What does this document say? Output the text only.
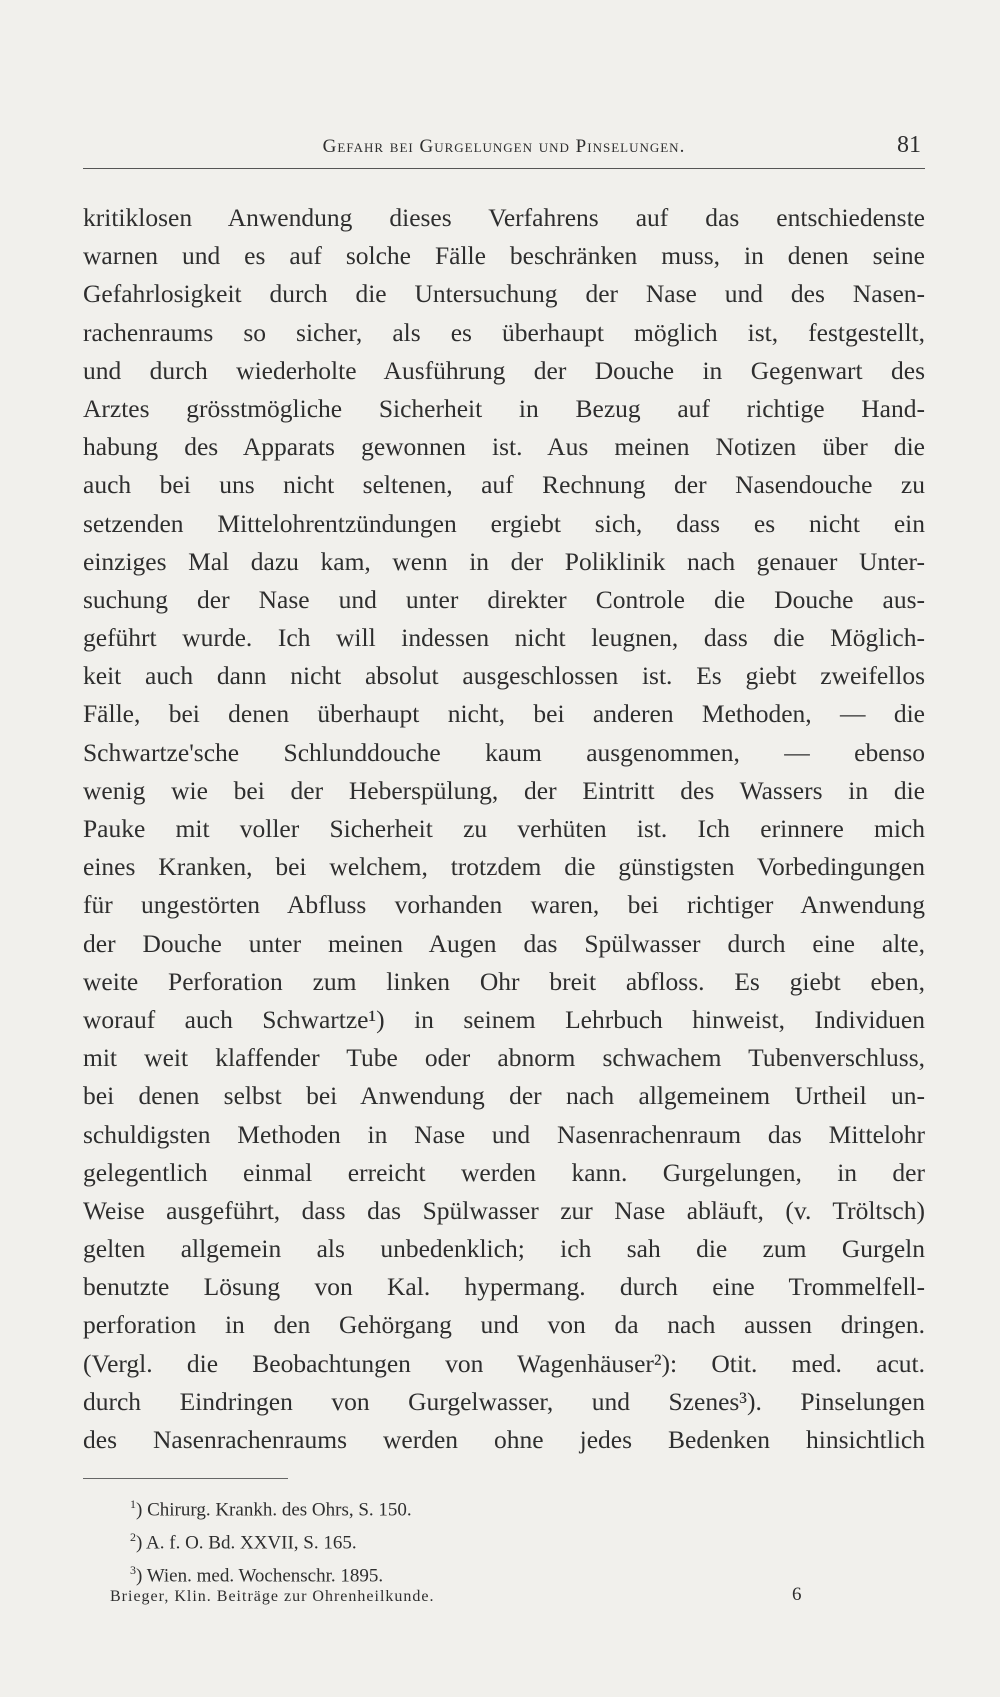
Gefahr bei Gurgelungen und Pinselungen.	81
kritiklosen Anwendung dieses Verfahrens auf das entschiedenste
warnen und es auf solche Fälle beschränken muss, in denen seine
Gefahrlosigkeit durch die Untersuchung der Nase und des Nasen-
rachenraums so sicher, als es überhaupt möglich ist, festgestellt,
und durch wiederholte Ausführung der Douche in Gegenwart des
Arztes grösstmögliche Sicherheit in Bezug auf richtige Hand-
habung des Apparats gewonnen ist. Aus meinen Notizen über die
auch bei uns nicht seltenen, auf Rechnung der Nasendouche zu
setzenden Mittelohrentzündungen ergiebt sich, dass es nicht ein
einziges Mal dazu kam, wenn in der Poliklinik nach genauer Unter-
suchung der Nase und unter direkter Controle die Douche aus-
geführt wurde. Ich will indessen nicht leugnen, dass die Möglich-
keit auch dann nicht absolut ausgeschlossen ist. Es giebt zweifellos
Fälle, bei denen überhaupt nicht, bei anderen Methoden, — die
Schwartze'sche Schlunddouche kaum ausgenommen, — ebenso
wenig wie bei der Heberspülung, der Eintritt des Wassers in die
Pauke mit voller Sicherheit zu verhüten ist. Ich erinnere mich
eines Kranken, bei welchem, trotzdem die günstigsten Vorbedingungen
für ungestörten Abfluss vorhanden waren, bei richtiger Anwendung
der Douche unter meinen Augen das Spülwasser durch eine alte,
weite Perforation zum linken Ohr breit abfloss. Es giebt eben,
worauf auch Schwartze¹) in seinem Lehrbuch hinweist, Individuen
mit weit klaffender Tube oder abnorm schwachem Tubenverschluss,
bei denen selbst bei Anwendung der nach allgemeinem Urtheil un-
schuldigsten Methoden in Nase und Nasenrachenraum das Mittelohr
gelegentlich einmal erreicht werden kann. Gurgelungen, in der
Weise ausgeführt, dass das Spülwasser zur Nase abläuft, (v. Tröltsch)
gelten allgemein als unbedenklich; ich sah die zum Gurgeln
benutzte Lösung von Kal. hypermang. durch eine Trommelfell-
perforation in den Gehörgang und von da nach aussen dringen.
(Vergl. die Beobachtungen von Wagenhäuser²): Otit. med. acut.
durch Eindringen von Gurgelwasser, und Szenes³). Pinselungen
des Nasenrachenraums werden ohne jedes Bedenken hinsichtlich
$^1$) Chirurg. Krankh. des Ohrs, S. 150.
$^2$) A. f. O. Bd. XXVII, S. 165.
$^3$) Wien. med. Wochenschr. 1895.
Brieger, Klin. Beiträge zur Ohrenheilkunde.	6
